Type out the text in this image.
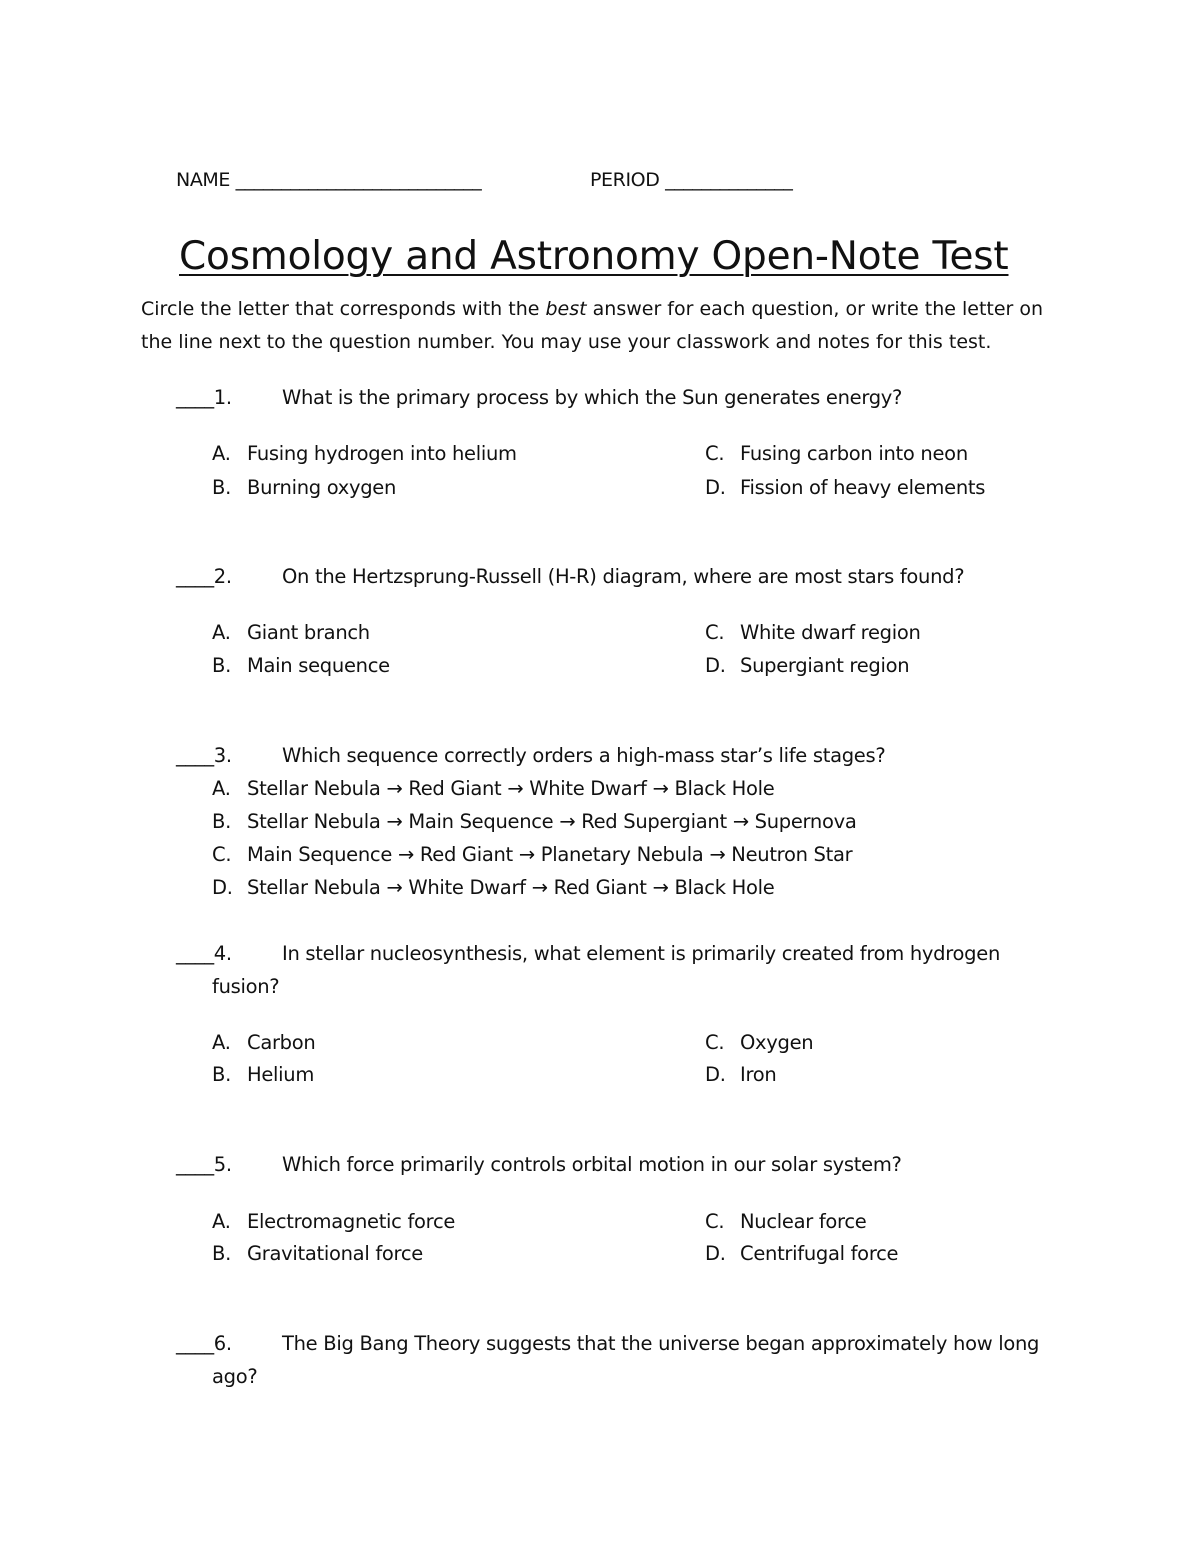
NAME ___________________________	PERIOD ______________
Cosmology and Astronomy Open-Note Test
Circle the letter that corresponds with the best answer for each question, or write the letter on the line next to the question number. You may use your classwork and notes for this test.
____1.	What is the primary process by which the Sun generates energy?
A. Fusing hydrogen into helium
B. Burning oxygen
C. Fusing carbon into neon
D. Fission of heavy elements
____2.	On the Hertzsprung-Russell (H-R) diagram, where are most stars found?
A. Giant branch
B. Main sequence
C. White dwarf region
D. Supergiant region
____3.	Which sequence correctly orders a high-mass star’s life stages?
A. Stellar Nebula → Red Giant → White Dwarf → Black Hole
B. Stellar Nebula → Main Sequence → Red Supergiant → Supernova
C. Main Sequence → Red Giant → Planetary Nebula → Neutron Star
D. Stellar Nebula → White Dwarf → Red Giant → Black Hole
____4.	In stellar nucleosynthesis, what element is primarily created from hydrogen
fusion?
A. Carbon
B. Helium
C. Oxygen
D. Iron
____5.	Which force primarily controls orbital motion in our solar system?
A. Electromagnetic force
B. Gravitational force
C. Nuclear force
D. Centrifugal force
____6.	The Big Bang Theory suggests that the universe began approximately how long
ago?
